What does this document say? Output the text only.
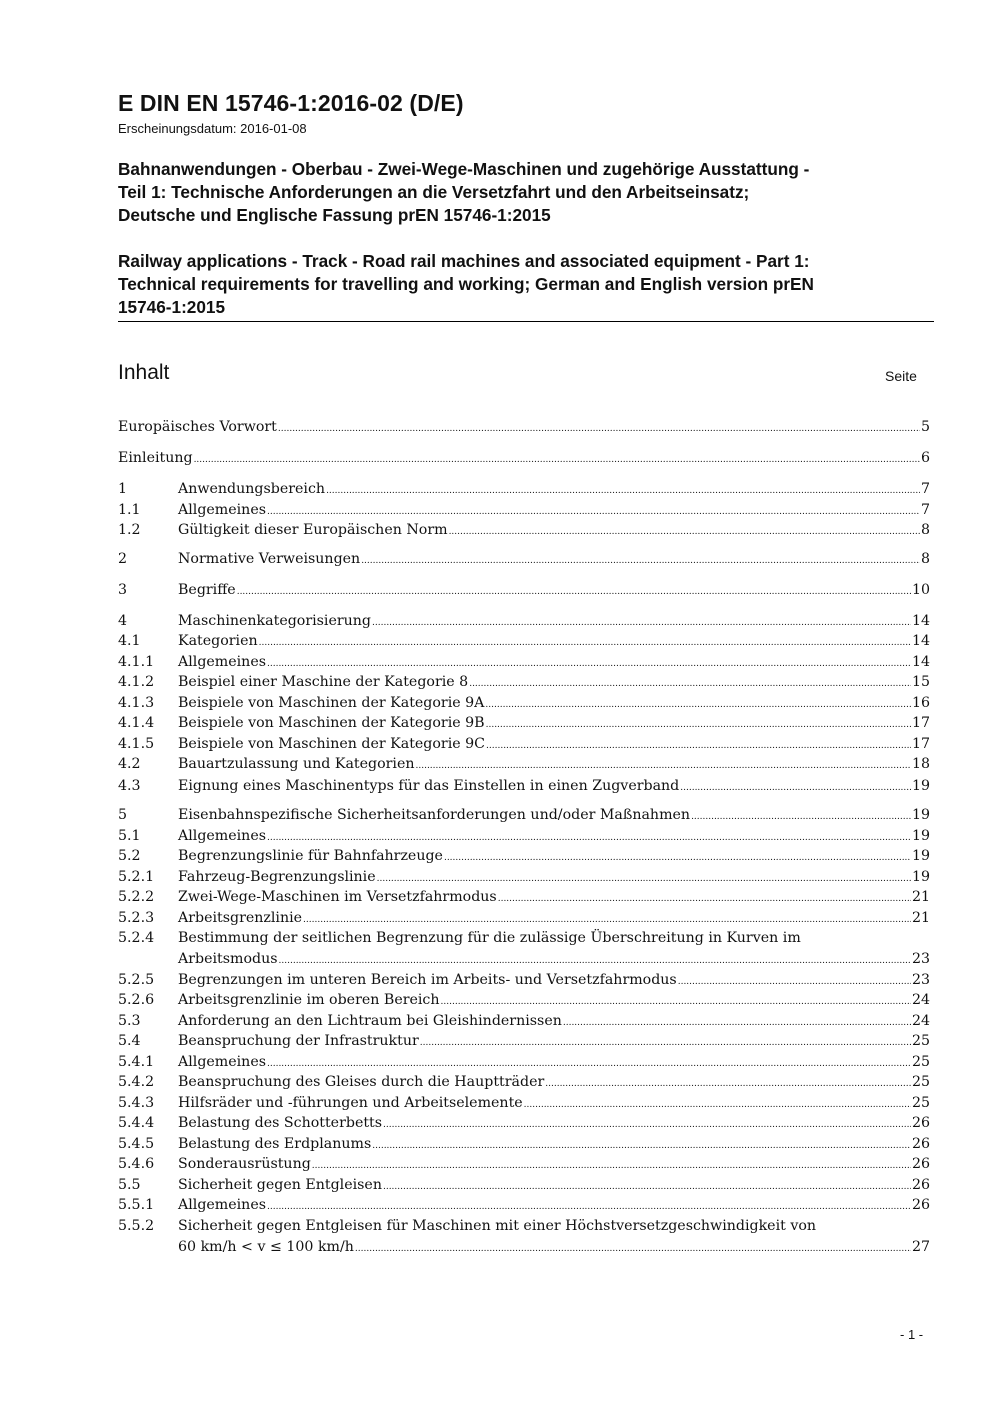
E DIN EN 15746-1:2016-02 (D/E)
Erscheinungsdatum: 2016-01-08
Bahnanwendungen - Oberbau - Zwei-Wege-Maschinen und zugehörige Ausstattung -
Teil 1: Technische Anforderungen an die Versetzfahrt und den Arbeitseinsatz;
Deutsche und Englische Fassung prEN 15746-1:2015
Railway applications - Track - Road rail machines and associated equipment - Part 1:
Technical requirements for travelling and working; German and English version prEN
15746-1:2015
Inhalt	Seite
Europäisches Vorwort .....	5
Einleitung .....	6
1	Anwendungsbereich .....	7
1.1	Allgemeines .....	7
1.2	Gültigkeit dieser Europäischen Norm .....	8
2	Normative Verweisungen .....	8
3	Begriffe .....	10
4	Maschinenkategorisierung .....	14
4.1	Kategorien .....	14
4.1.1 Allgemeines .....	14
4.1.2 Beispiel einer Maschine der Kategorie 8 .....	15
4.1.3 Beispiele von Maschinen der Kategorie 9A .....	16
4.1.4 Beispiele von Maschinen der Kategorie 9B .....	17
4.1.5 Beispiele von Maschinen der Kategorie 9C .....	17
4.2	Bauartzulassung und Kategorien .....	18
4.3	Eignung eines Maschinentyps für das Einstellen in einen Zugverband .....	19
5	Eisenbahnspezifische Sicherheitsanforderungen und/oder Maßnahmen .....	19
5.1	Allgemeines .....	19
5.2	Begrenzungslinie für Bahnfahrzeuge .....	19
5.2.1 Fahrzeug-Begrenzungslinie .....	19
5.2.2 Zwei-Wege-Maschinen im Versetzfahrmodus .....	21
5.2.3 Arbeitsgrenzlinie .....	21
5.2.4 Bestimmung der seitlichen Begrenzung für die zulässige Überschreitung in Kurven im
Arbeitsmodus .....	23
5.2.5 Begrenzungen im unteren Bereich im Arbeits- und Versetzfahrmodus .....	23
5.2.6 Arbeitsgrenzlinie im oberen Bereich .....	24
5.3	Anforderung an den Lichtraum bei Gleishindernissen .....	24
5.4	Beanspruchung der Infrastruktur .....	25
5.4.1 Allgemeines .....	25
5.4.2 Beanspruchung des Gleises durch die Hauptträder .....	25
5.4.3 Hilfsräder und -führungen und Arbeitselemente .....	25
5.4.4 Belastung des Schotterbetts .....	26
5.4.5 Belastung des Erdplanums .....	26
5.4.6 Sonderausrüstung .....	26
5.5	Sicherheit gegen Entgleisen .....	26
5.5.1 Allgemeines .....	26
5.5.2 Sicherheit gegen Entgleisen für Maschinen mit einer Höchstversetzgeschwindigkeit von
60 km/h < v ≤ 100 km/h .....	27
- 1 -
